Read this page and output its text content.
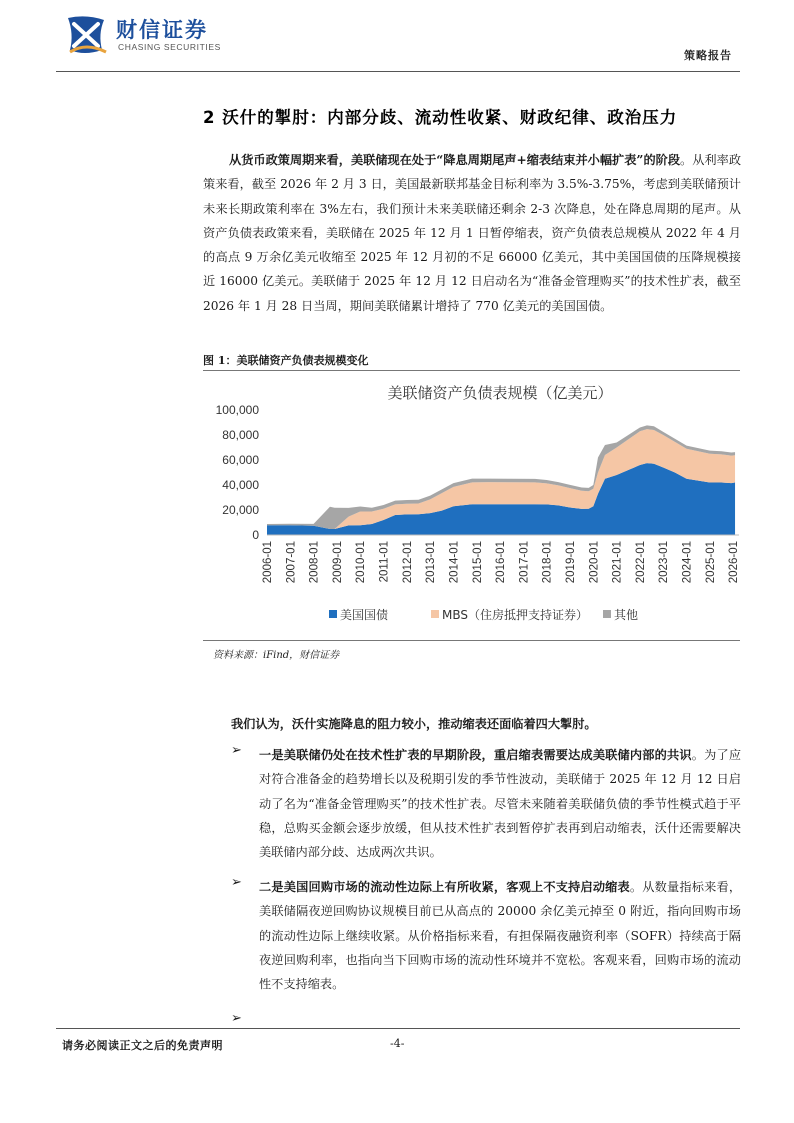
财信证券
CHASING SECURITIES
策略报告
2 沃什的掣肘：内部分歧、流动性收紧、财政纪律、政治压力
从货币政策周期来看，美联储现在处于“降息周期尾声+缩表结束并小幅扩表”的阶段。从利率政策来看，截至 2026 年 2 月 3 日，美国最新联邦基金目标利率为 3.5%-3.75%，考虑到美联储预计未来长期政策利率在 3%左右，我们预计未来美联储还剩余 2-3 次降息，处在降息周期的尾声。从资产负债表政策来看，美联储在 2025 年 12 月 1 日暂停缩表，资产负债表总规模从 2022 年 4 月的高点 9 万余亿美元收缩至 2025 年 12 月初的不足 66000 亿美元，其中美国国债的压降规模接近 16000 亿美元。美联储于 2025 年 12 月 12 日启动名为“准备金管理购买”的技术性扩表，截至 2026 年 1 月 28 日当周，期间美联储累计增持了 770 亿美元的美国国债。
图 1：美联储资产负债表规模变化
美联储资产负债表规模（亿美元）
0
20,000
40,000
60,000
80,000
100,000
2006-01 2007-01 2008-01 2009-01 2010-01 2011-01 2012-01 2013-01 2014-01 2015-01 2016-01 2017-01 2018-01 2019-01 2020-01 2021-01 2022-01 2023-01 2024-01 2025-01 2026-01
美国国债	MBS（住房抵押支持证券） 其他
资料来源：iFind，财信证券
我们认为，沃什实施降息的阻力较小，推动缩表还面临着四大掣肘。
➢ 一是美联储仍处在技术性扩表的早期阶段，重启缩表需要达成美联储内部的共识。为了应对符合准备金的趋势增长以及税期引发的季节性波动，美联储于 2025 年 12 月 12 日启动了名为“准备金管理购买”的技术性扩表。尽管未来随着美联储负债的季节性模式趋于平稳，总购买金额会逐步放缓，但从技术性扩表到暂停扩表再到启动缩表，沃什还需要解决美联储内部分歧、达成两次共识。
➢ 二是美国回购市场的流动性边际上有所收紧，客观上不支持启动缩表。从数量指标来看，美联储隔夜逆回购协议规模目前已从高点的 20000 余亿美元掉至 0 附近，指向回购市场的流动性边际上继续收紧。从价格指标来看，有担保隔夜融资利率（SOFR）持续高于隔夜逆回购利率，也指向当下回购市场的流动性环境并不宽松。客观来看，回购市场的流动性不支持缩表。
➢
请务必阅读正文之后的免责声明	-4-
